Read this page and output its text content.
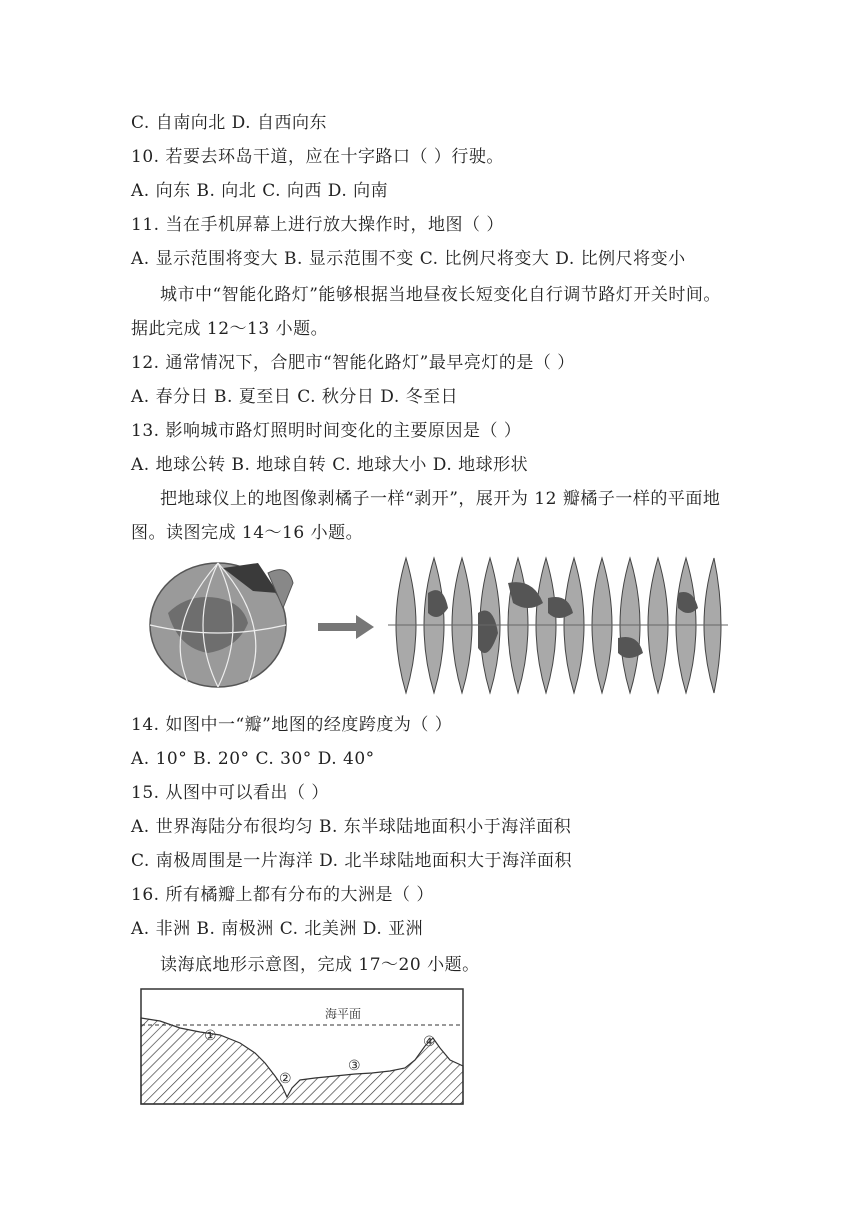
C. 自南向北 D. 自西向东
10. 若要去环岛干道，应在十字路口（ ）行驶。
A. 向东 B. 向北 C. 向西 D. 向南
11. 当在手机屏幕上进行放大操作时，地图（ ）
A. 显示范围将变大 B. 显示范围不变 C. 比例尺将变大 D. 比例尺将变小
城市中“智能化路灯”能够根据当地昼夜长短变化自行调节路灯开关时间。
据此完成 12～13 小题。
12. 通常情况下，合肥市“智能化路灯”最早亮灯的是（ ）
A. 春分日 B. 夏至日 C. 秋分日 D. 冬至日
13. 影响城市路灯照明时间变化的主要原因是（ ）
A. 地球公转 B. 地球自转 C. 地球大小 D. 地球形状
把地球仪上的地图像剥橘子一样“剥开”，展开为 12 瓣橘子一样的平面地
图。读图完成 14～16 小题。
14. 如图中一“瓣”地图的经度跨度为（ ）
A. 10° B. 20° C. 30° D. 40°
15. 从图中可以看出（ ）
A. 世界海陆分布很均匀 B. 东半球陆地面积小于海洋面积
C. 南极周围是一片海洋 D. 北半球陆地面积大于海洋面积
16. 所有橘瓣上都有分布的大洲是（ ）
A. 非洲 B. 南极洲 C. 北美洲 D. 亚洲
读海底地形示意图，完成 17～20 小题。
海平面
①
②
③
④
